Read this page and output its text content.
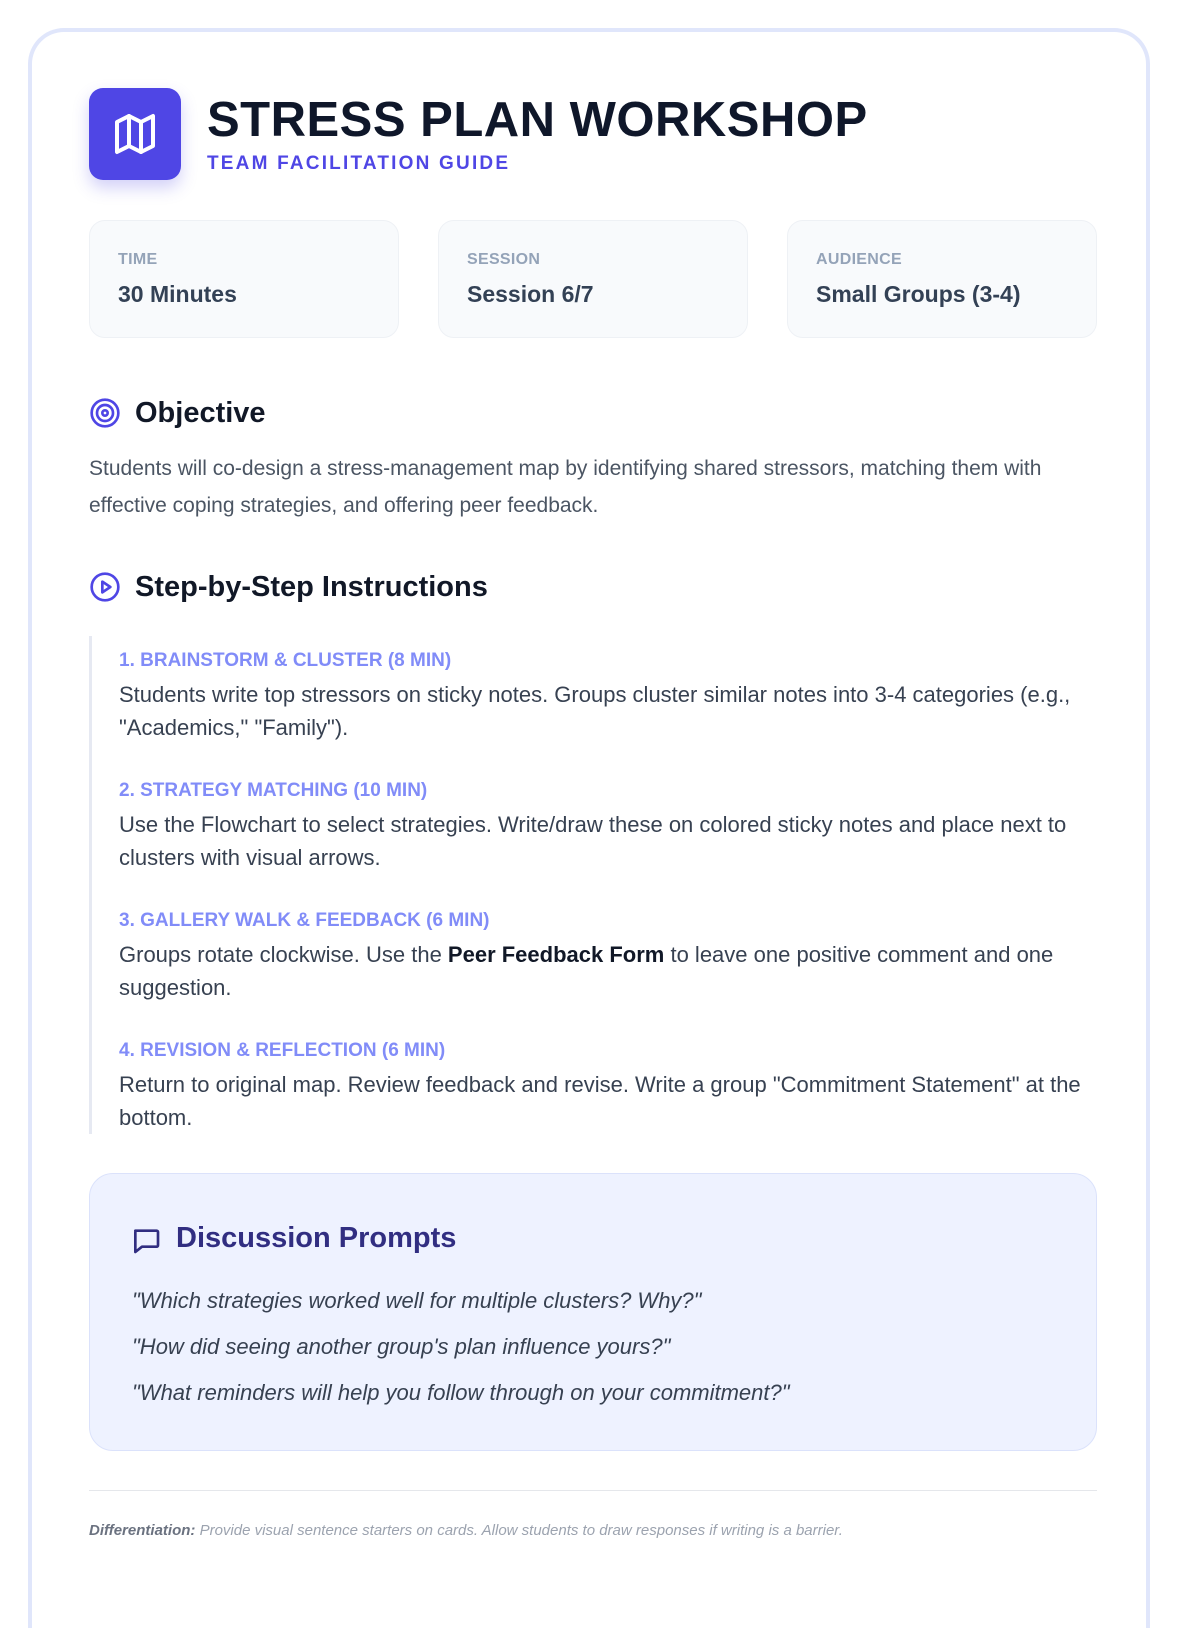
STRESS PLAN WORKSHOP
TEAM FACILITATION GUIDE
TIME
30 Minutes
SESSION
Session 6/7
AUDIENCE
Small Groups (3-4)
Objective
Students will co-design a stress-management map by identifying shared stressors, matching them with effective coping strategies, and offering peer feedback.
Step-by-Step Instructions
1. BRAINSTORM & CLUSTER (8 MIN)
Students write top stressors on sticky notes. Groups cluster similar notes into 3-4 categories (e.g., "Academics," "Family").
2. STRATEGY MATCHING (10 MIN)
Use the Flowchart to select strategies. Write/draw these on colored sticky notes and place next to clusters with visual arrows.
3. GALLERY WALK & FEEDBACK (6 MIN)
Groups rotate clockwise. Use the Peer Feedback Form to leave one positive comment and one suggestion.
4. REVISION & REFLECTION (6 MIN)
Return to original map. Review feedback and revise. Write a group "Commitment Statement" at the bottom.
Discussion Prompts
"Which strategies worked well for multiple clusters? Why?"
"How did seeing another group's plan influence yours?"
"What reminders will help you follow through on your commitment?"
Differentiation: Provide visual sentence starters on cards. Allow students to draw responses if writing is a barrier.
